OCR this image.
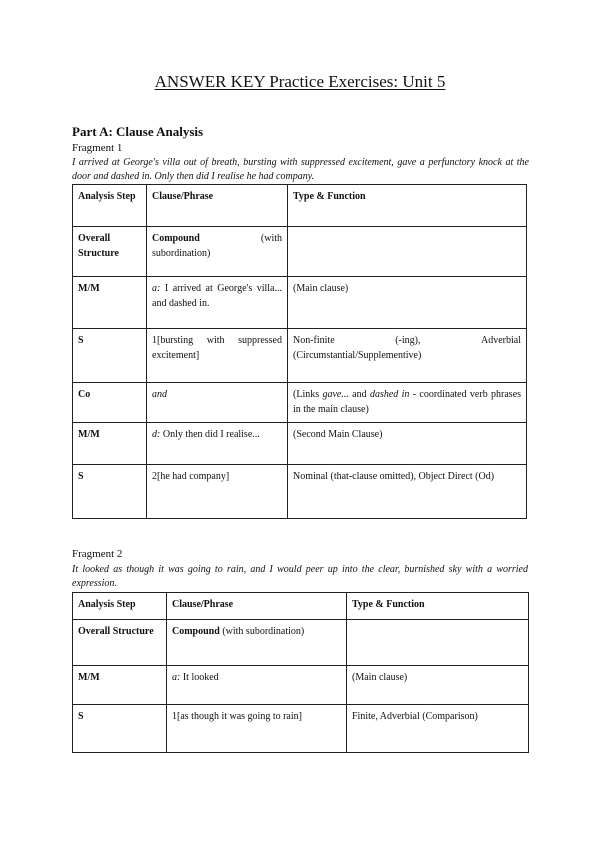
ANSWER KEY Practice Exercises: Unit 5
Part A: Clause Analysis
Fragment 1
I arrived at George's villa out of breath, bursting with suppressed excitement, gave a perfunctory knock at the door and dashed in. Only then did I realise he had company.
Analysis Step	Clause/Phrase	Type & Function
Overall Structure	Compound (with
subordination)	

M/M	a: I arrived at George's villa... and dashed in.	(Main clause)
S	1[bursting with suppressed excitement]	Non-finite (-ing), Adverbial
(Circumstantial/Supplementive)

Co	and	(Links gave... and dashed in - coordinated verb phrases in the main clause)
M/M	d: Only then did I realise...	(Second Main Clause)
S	2[he had company]	Nominal (that-clause omitted), Object Direct (Od)
Fragment 2
It looked as though it was going to rain, and I would peer up into the clear, burnished sky with a worried expression.
Analysis Step	Clause/Phrase	Type & Function
Overall Structure	Compound (with subordination)	
M/M	a: It looked	(Main clause)
S	1[as though it was going to rain]	Finite, Adverbial (Comparison)
